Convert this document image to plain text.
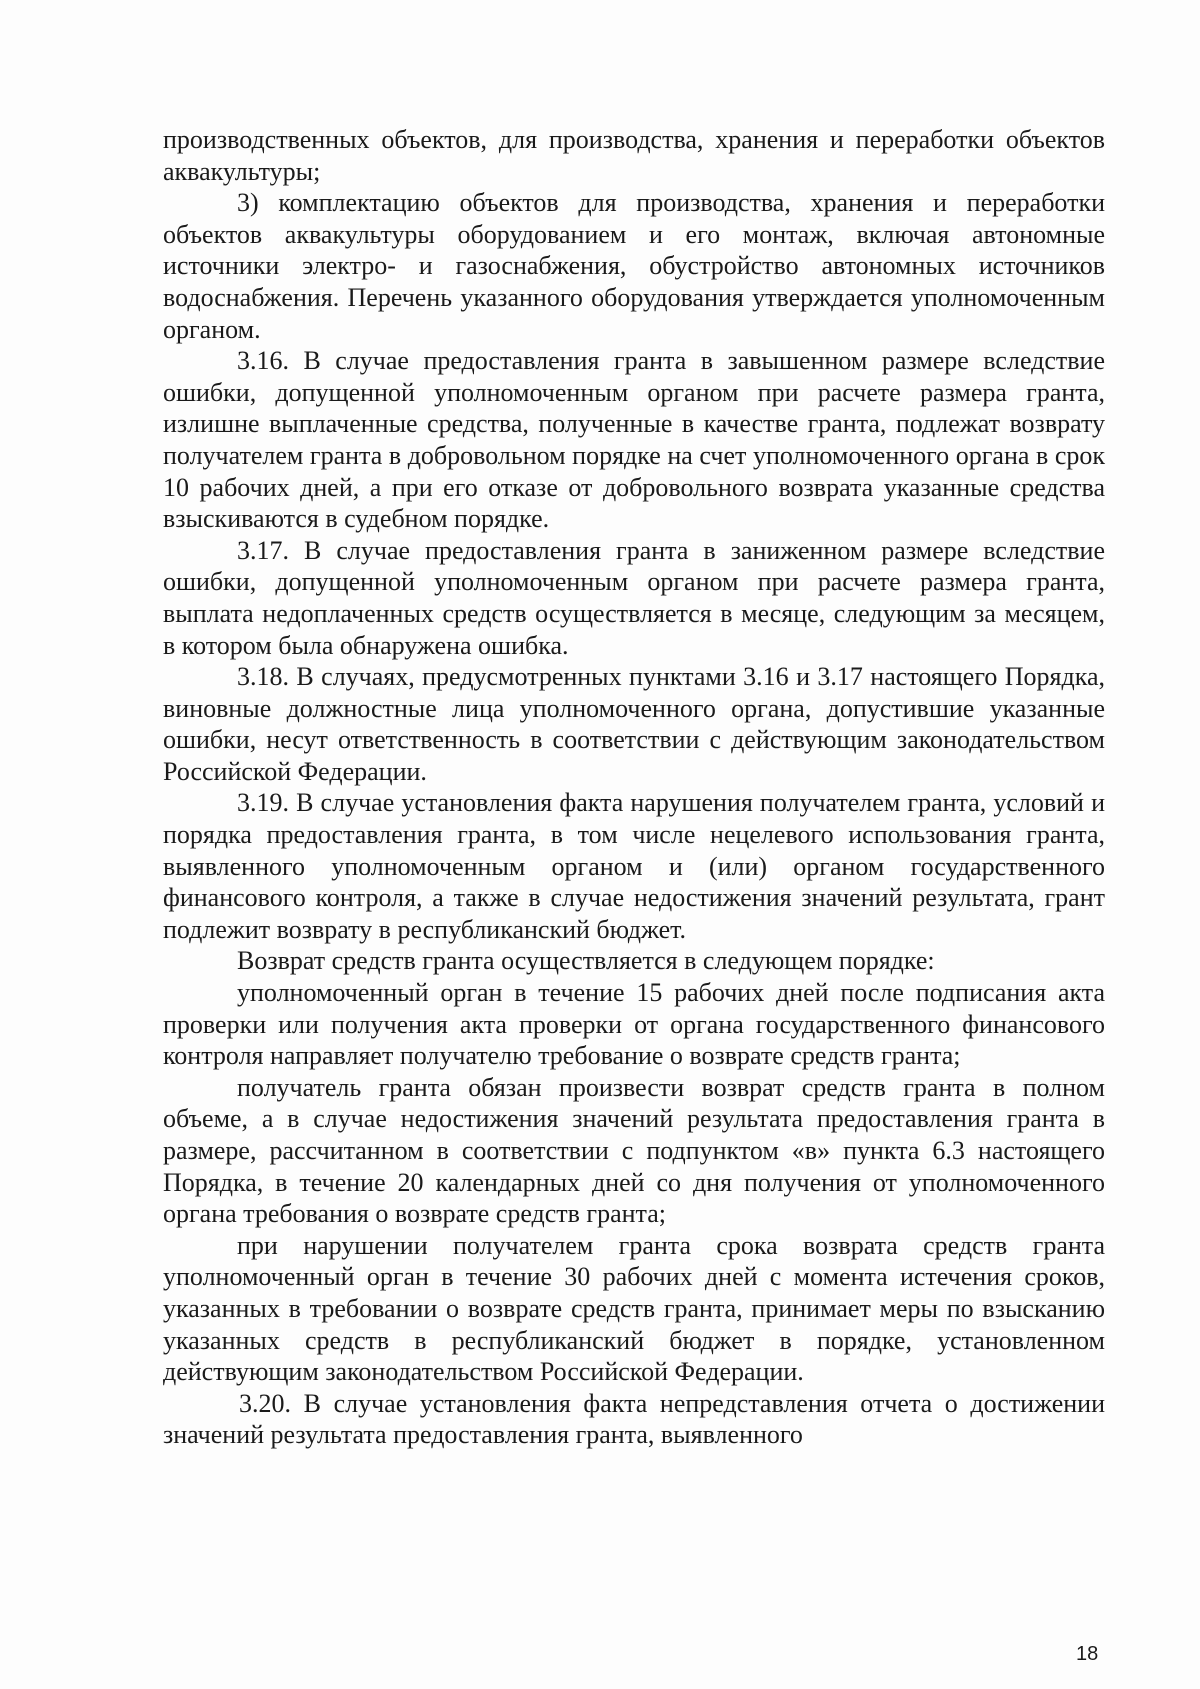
производственных объектов, для производства, хранения и переработки объектов аквакультуры;

3) комплектацию объектов для производства, хранения и переработки объектов аквакультуры оборудованием и его монтаж, включая автономные источники электро- и газоснабжения, обустройство автономных источников водоснабжения. Перечень указанного оборудования утверждается уполномоченным органом.

3.16. В случае предоставления гранта в завышенном размере вследствие ошибки, допущенной уполномоченным органом при расчете размера гранта, излишне выплаченные средства, полученные в качестве гранта, подлежат возврату получателем гранта в добровольном порядке на счет уполномоченного органа в срок 10 рабочих дней, а при его отказе от добровольного возврата указанные средства взыскиваются в судебном порядке.

3.17. В случае предоставления гранта в заниженном размере вследствие ошибки, допущенной уполномоченным органом при расчете размера гранта, выплата недоплаченных средств осуществляется в месяце, следующим за месяцем, в котором была обнаружена ошибка.

3.18. В случаях, предусмотренных пунктами 3.16 и 3.17 настоящего Порядка, виновные должностные лица уполномоченного органа, допустившие указанные ошибки, несут ответственность в соответствии с действующим законодательством Российской Федерации.

3.19. В случае установления факта нарушения получателем гранта, условий и порядка предоставления гранта, в том числе нецелевого использования гранта, выявленного уполномоченным органом и (или) органом государственного финансового контроля, а также в случае недостижения значений результата, грант подлежит возврату в республиканский бюджет.

Возврат средств гранта осуществляется в следующем порядке:

уполномоченный орган в течение 15 рабочих дней после подписания акта проверки или получения акта проверки от органа государственного финансового контроля направляет получателю требование о возврате средств гранта;

получатель гранта обязан произвести возврат средств гранта в полном объеме, а в случае недостижения значений результата предоставления гранта в размере, рассчитанном в соответствии с подпунктом «в» пункта 6.3 настоящего Порядка, в течение 20 календарных дней со дня получения от уполномоченного органа требования о возврате средств гранта;

при нарушении получателем гранта срока возврата средств гранта уполномоченный орган в течение 30 рабочих дней с момента истечения сроков, указанных в требовании о возврате средств гранта, принимает меры по взысканию указанных средств в республиканский бюджет в порядке, установленном действующим законодательством Российской Федерации.

3.20. В случае установления факта непредставления отчета о достижении значений результата предоставления гранта, выявленного

18
